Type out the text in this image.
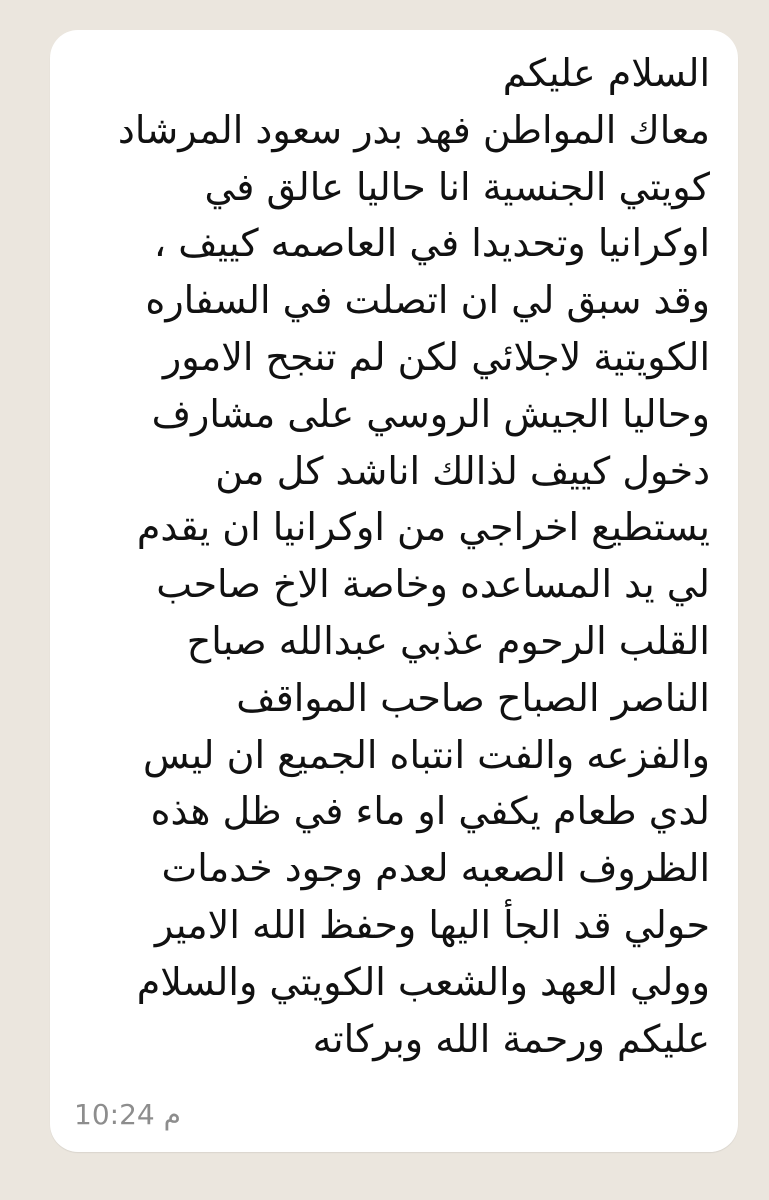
السلام عليكم
معاك المواطن فهد بدر سعود المرشاد
كويتي الجنسية انا حاليا عالق في
اوكرانيا وتحديدا في العاصمه كييف ،
وقد سبق لي ان اتصلت في السفاره
الكويتية لاجلائي لكن لم تنجح الامور
وحاليا الجيش الروسي على مشارف
دخول كييف لذالك اناشد كل من
يستطيع اخراجي من اوكرانيا ان يقدم
لي يد المساعده وخاصة الاخ صاحب
القلب الرحوم عذبي عبدالله صباح
الناصر الصباح صاحب المواقف
والفزعه والفت انتباه الجميع ان ليس
لدي طعام يكفي او ماء في ظل هذه
الظروف الصعبه لعدم وجود خدمات
حولي قد الجأ اليها وحفظ الله الامير
وولي العهد والشعب الكويتي والسلام
عليكم ورحمة الله وبركاته
10:24 م
